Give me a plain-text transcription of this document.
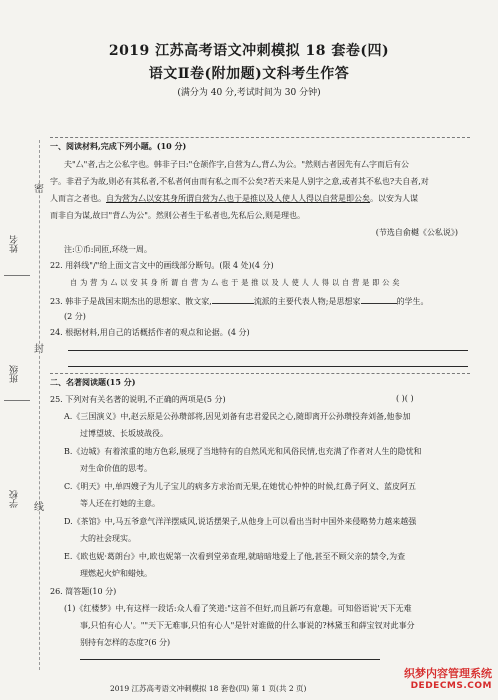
密
封
线
姓名
班级
学校
2019 江苏高考语文冲刺模拟 18 套卷(四)
语文Ⅱ卷(附加题)文科考生作答
(满分为 40 分,考试时间为 30 分钟)
一、阅读材料,完成下列小题。(10 分)
夫"厶"者,古之公私字也。韩非子曰:"仓颉作字,自营为厶,背厶为公。"然则古者因先有厶字而后有公
字。非君子为故,则必有其私者,不私者何由而有私之而不公矣?若天来是人别字之意,或者其不私也?夫自者,对
人而言之者也。自为营为厶以安其身所谓自营为厶也于是推以及人使人人得以自营是即公矣。以安为人谋
而非自为谋,故曰"背厶为公"。然则公者生于私者也,先私后公,则是理也。
(节选自俞樾《公私说》)
注:①币:同匝,环绕一周。
22. 用斜线"/"给上面文言文中的画线部分断句。(限 4 处)(4 分)
自 为 营 为 厶 以 安 其 身 所 谓 自 营 为 厶 也 于 是 推 以 及 人 使 人 人 得 以 自 营 是 即 公 矣
23. 韩非子是战国末期杰出的思想家、散文家,	流派的主要代表人物;是思想家	的学生。
(2 分)
24. 根据材料,用自己的话概括作者的观点和论据。(4 分)
二、名著阅读题(15 分)
25. 下列对有关名著的说明,不正确的两项是(5 分)	( )( )
A.《三国演义》中,赵云原是公孙瓒部将,因见刘备有忠君爱民之心,随即离开公孙瓒投奔刘备,他参加
过博望坡、长坂坡战役。
B.《边城》有着浓重的地方色彩,展现了当地特有的自然风光和风俗民情,也充满了作者对人生的隐忧和
对生命价值的思考。
C.《明天》中,单四嫂子为儿子宝儿的病多方求治而无果,在她忧心忡忡的时候,红鼻子阿义、蓝皮阿五
等人还在打她的主意。
D.《茶馆》中,马五爷意气洋洋摆威风,说话摆架子,从他身上可以看出当时中国外来侵略势力越来越强
大的社会现实。
E.《欧也妮·葛朗台》中,欧也妮第一次看到堂弟查理,就暗暗地爱上了他,甚至不顾父亲的禁令,为查
理燃起火炉和蜡烛。
26. 简答题(10 分)
(1)《红楼梦》中,有这样一段话:众人看了笑道:"这首不但好,而且新巧有意趣。可知俗语说'天下无难
事,只怕有心人'。""天下无难事,只怕有心人"是针对谁做的什么事说的?林黛玉和薛宝钗对此事分
别持有怎样的态度?(6 分)
2019 江苏高考语文冲刺模拟 18 套卷(四) 第 1 页(共 2 页)
织梦内容管理系统
DEDECMS.COM
